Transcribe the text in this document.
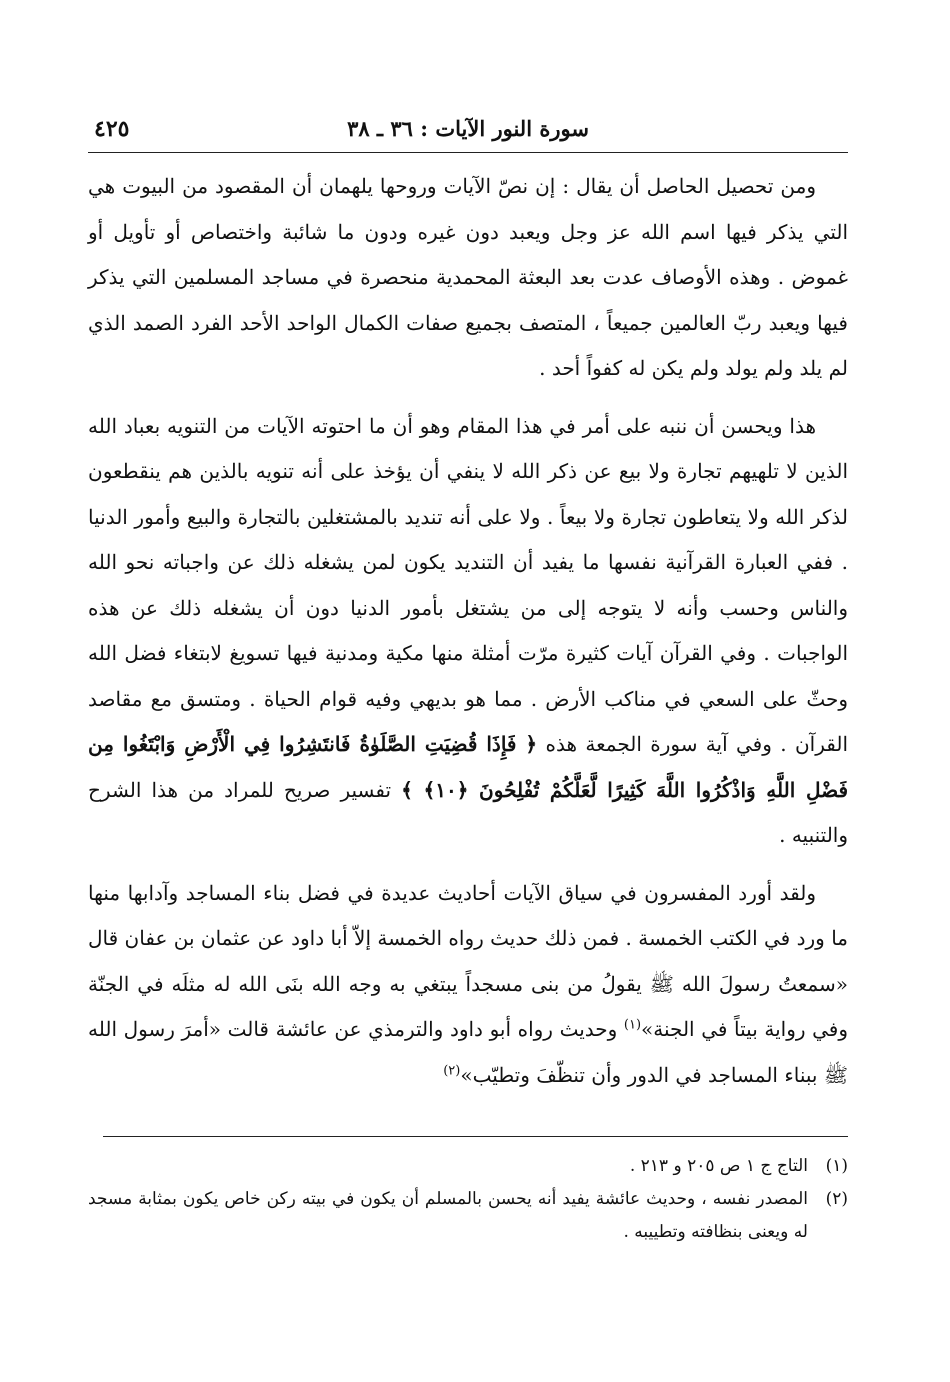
سورة النور الآيات : ٣٦ ـ ٣٨
٤٢٥

ومن تحصيل الحاصل أن يقال : إن نصّ الآيات وروحها يلهمان أن المقصود من البيوت هي التي يذكر فيها اسم الله عز وجل ويعبد دون غيره ودون ما شائبة واختصاص أو تأويل أو غموض . وهذه الأوصاف عدت بعد البعثة المحمدية منحصرة في مساجد المسلمين التي يذكر فيها ويعبد ربّ العالمين جميعاً ، المتصف بجميع صفات الكمال الواحد الأحد الفرد الصمد الذي لم يلد ولم يولد ولم يكن له كفواً أحد .

هذا ويحسن أن ننبه على أمر في هذا المقام وهو أن ما احتوته الآيات من التنويه بعباد الله الذين لا تلهيهم تجارة ولا بيع عن ذكر الله لا ينفي أن يؤخذ على أنه تنويه بالذين هم ينقطعون لذكر الله ولا يتعاطون تجارة ولا بيعاً . ولا على أنه تنديد بالمشتغلين بالتجارة والبيع وأمور الدنيا . ففي العبارة القرآنية نفسها ما يفيد أن التنديد يكون لمن يشغله ذلك عن واجباته نحو الله والناس وحسب وأنه لا يتوجه إلى من يشتغل بأمور الدنيا دون أن يشغله ذلك عن هذه الواجبات . وفي القرآن آيات كثيرة مرّت أمثلة منها مكية ومدنية فيها تسويغ لابتغاء فضل الله وحثّ على السعي في مناكب الأرض . مما هو بديهي وفيه قوام الحياة . ومتسق مع مقاصد القرآن . وفي آية سورة الجمعة هذه ﴿ فَإِذَا قُضِيَتِ الصَّلَوٰةُ فَانتَشِرُوا فِي الْأَرْضِ وَابْتَغُوا مِن فَضْلِ اللَّهِ وَاذْكُرُوا اللَّهَ كَثِيرًا لَّعَلَّكُمْ تُفْلِحُونَ ﴿١٠﴾ ﴾ تفسير صريح للمراد من هذا الشرح والتنبيه .

ولقد أورد المفسرون في سياق الآيات أحاديث عديدة في فضل بناء المساجد وآدابها منها ما ورد في الكتب الخمسة . فمن ذلك حديث رواه الخمسة إلاّ أبا داود عن عثمان بن عفان قال «سمعتُ رسولَ الله ﷺ يقولُ من بنى مسجداً يبتغي به وجه الله بنَى الله له مثلَه في الجنّة وفي رواية بيتاً في الجنة»$^{(١)}$ وحديث رواه أبو داود والترمذي عن عائشة قالت «أمرَ رسول الله ﷺ ببناء المساجد في الدور وأن تنظّفَ وتطيّب»$^{(٢)}$

(١)
التاج ج ١ ص ٢٠٥ و ٢١٣ .
(٢)
المصدر نفسه ، وحديث عائشة يفيد أنه يحسن بالمسلم أن يكون في بيته ركن خاص يكون بمثابة مسجد له ويعنى بنظافته وتطييبه .
